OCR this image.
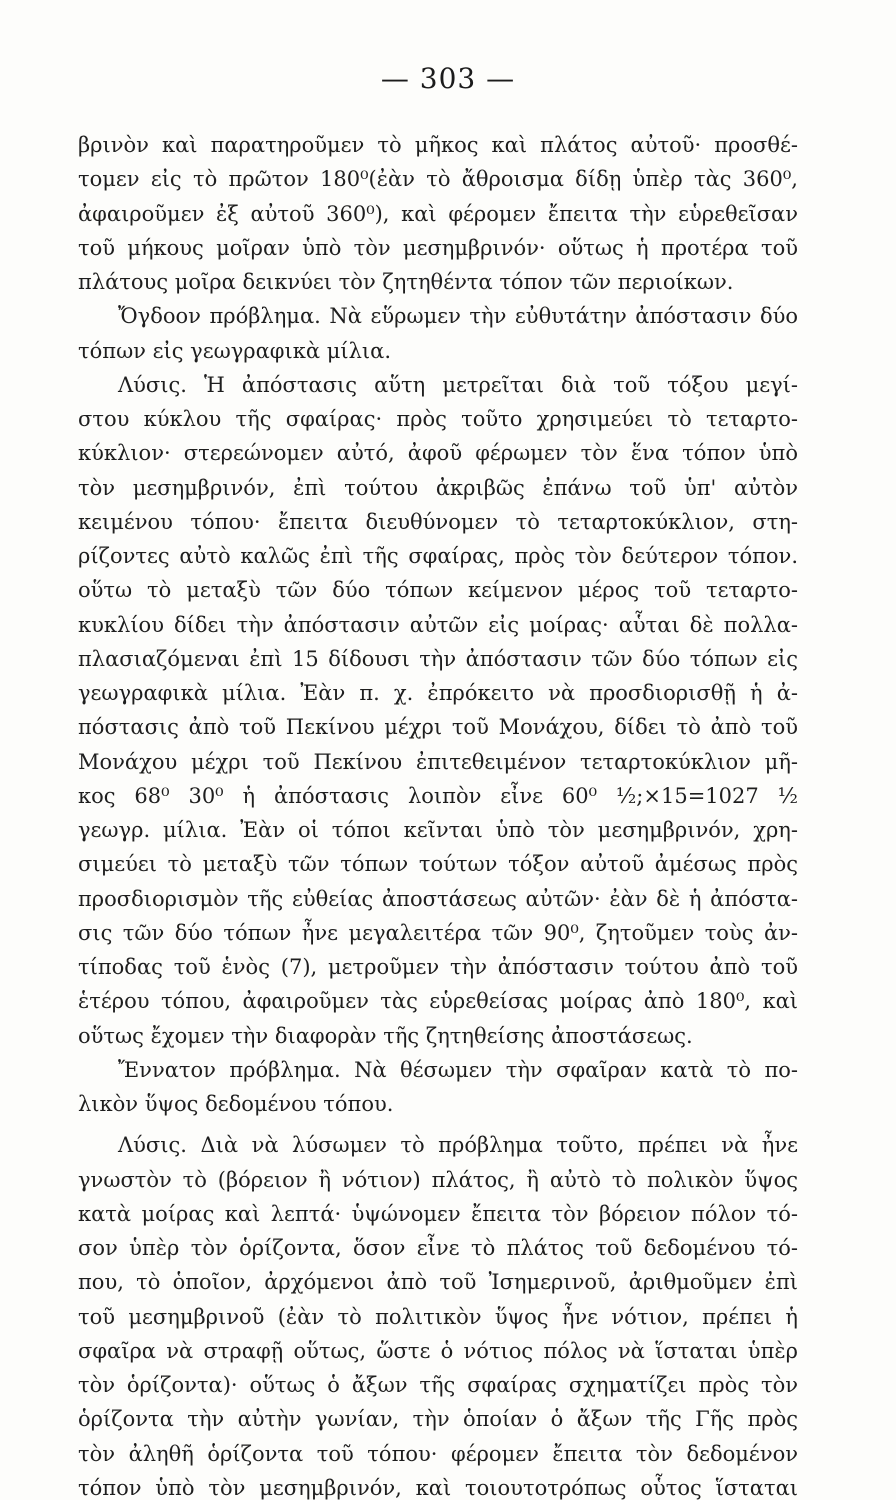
— 303 —
βρινὸν καὶ παρατηροῦμεν τὸ μῆκος καὶ πλάτος αὐτοῦ· προσθέ-
τομεν εἰς τὸ πρῶτον 180⁰(ἐὰν τὸ ἄθροισμα δίδῃ ὑπὲρ τὰς 360⁰,
ἀφαιροῦμεν ἐξ αὐτοῦ 360⁰), καὶ φέρομεν ἔπειτα τὴν εὑρεθεῖσαν
τοῦ μήκους μοῖραν ὑπὸ τὸν μεσημβρινόν· οὕτως ἡ προτέρα τοῦ
πλάτους μοῖρα δεικνύει τὸν ζητηθέντα τόπον τῶν περιοίκων.
Ὄγδοον πρόβλημα. Νὰ εὕρωμεν τὴν εὐθυτάτην ἀπόστασιν δύο
τόπων εἰς γεωγραφικὰ μίλια.
Λύσις. Ἡ ἀπόστασις αὕτη μετρεῖται διὰ τοῦ τόξου μεγί-
στου κύκλου τῆς σφαίρας· πρὸς τοῦτο χρησιμεύει τὸ τεταρτο-
κύκλιον· στερεώνομεν αὐτό, ἀφοῦ φέρωμεν τὸν ἕνα τόπον ὑπὸ
τὸν μεσημβρινόν, ἐπὶ τούτου ἀκριβῶς ἐπάνω τοῦ ὑπ' αὐτὸν
κειμένου τόπου· ἔπειτα διευθύνομεν τὸ τεταρτοκύκλιον, στη-
ρίζοντες αὐτὸ καλῶς ἐπὶ τῆς σφαίρας, πρὸς τὸν δεύτερον τόπον.
οὕτω τὸ μεταξὺ τῶν δύο τόπων κείμενον μέρος τοῦ τεταρτο-
κυκλίου δίδει τὴν ἀπόστασιν αὐτῶν εἰς μοίρας· αὗται δὲ πολλα-
πλασιαζόμεναι ἐπὶ 15 δίδουσι τὴν ἀπόστασιν τῶν δύο τόπων εἰς
γεωγραφικὰ μίλια. Ἐὰν π. χ. ἐπρόκειτο νὰ προσδιορισθῇ ἡ ἀ-
πόστασις ἀπὸ τοῦ Πεκίνου μέχρι τοῦ Μονάχου, δίδει τὸ ἀπὸ τοῦ
Μονάχου μέχρι τοῦ Πεκίνου ἐπιτεθειμένον τεταρτοκύκλιον μῆ-
κος 68⁰ 30⁰ ἡ ἀπόστασις λοιπὸν εἶνε 60⁰ ½;×15=1027 ½
γεωγρ. μίλια. Ἐὰν οἱ τόποι κεῖνται ὑπὸ τὸν μεσημβρινόν, χρη-
σιμεύει τὸ μεταξὺ τῶν τόπων τούτων τόξον αὐτοῦ ἀμέσως πρὸς
προσδιορισμὸν τῆς εὐθείας ἀποστάσεως αὐτῶν· ἐὰν δὲ ἡ ἀπόστα-
σις τῶν δύο τόπων ἦνε μεγαλειτέρα τῶν 90⁰, ζητοῦμεν τοὺς ἀν-
τίποδας τοῦ ἑνὸς (7), μετροῦμεν τὴν ἀπόστασιν τούτου ἀπὸ τοῦ
ἑτέρου τόπου, ἀφαιροῦμεν τὰς εὑρεθείσας μοίρας ἀπὸ 180⁰, καὶ
οὕτως ἔχομεν τὴν διαφορὰν τῆς ζητηθείσης ἀποστάσεως.
Ἔννατον πρόβλημα. Νὰ θέσωμεν τὴν σφαῖραν κατὰ τὸ πο-
λικὸν ὕψος δεδομένου τόπου.
Λύσις. Διὰ νὰ λύσωμεν τὸ πρόβλημα τοῦτο, πρέπει νὰ ἦνε
γνωστὸν τὸ (βόρειον ἢ νότιον) πλάτος, ἢ αὐτὸ τὸ πολικὸν ὕψος
κατὰ μοίρας καὶ λεπτά· ὑψώνομεν ἔπειτα τὸν βόρειον πόλον τό-
σον ὑπὲρ τὸν ὁρίζοντα, ὅσον εἶνε τὸ πλάτος τοῦ δεδομένου τό-
που, τὸ ὁποῖον, ἀρχόμενοι ἀπὸ τοῦ Ἰσημερινοῦ, ἀριθμοῦμεν ἐπὶ
τοῦ μεσημβρινοῦ (ἐὰν τὸ πολιτικὸν ὕψος ἦνε νότιον, πρέπει ἡ
σφαῖρα νὰ στραφῇ οὕτως, ὥστε ὁ νότιος πόλος νὰ ἵσταται ὑπὲρ
τὸν ὁρίζοντα)· οὕτως ὁ ἄξων τῆς σφαίρας σχηματίζει πρὸς τὸν
ὁρίζοντα τὴν αὐτὴν γωνίαν, τὴν ὁποίαν ὁ ἄξων τῆς Γῆς πρὸς
τὸν ἀληθῆ ὁρίζοντα τοῦ τόπου· φέρομεν ἔπειτα τὸν δεδομένον
τόπον ὑπὸ τὸν μεσημβρινόν, καὶ τοιουτοτρόπως οὗτος ἵσταται
